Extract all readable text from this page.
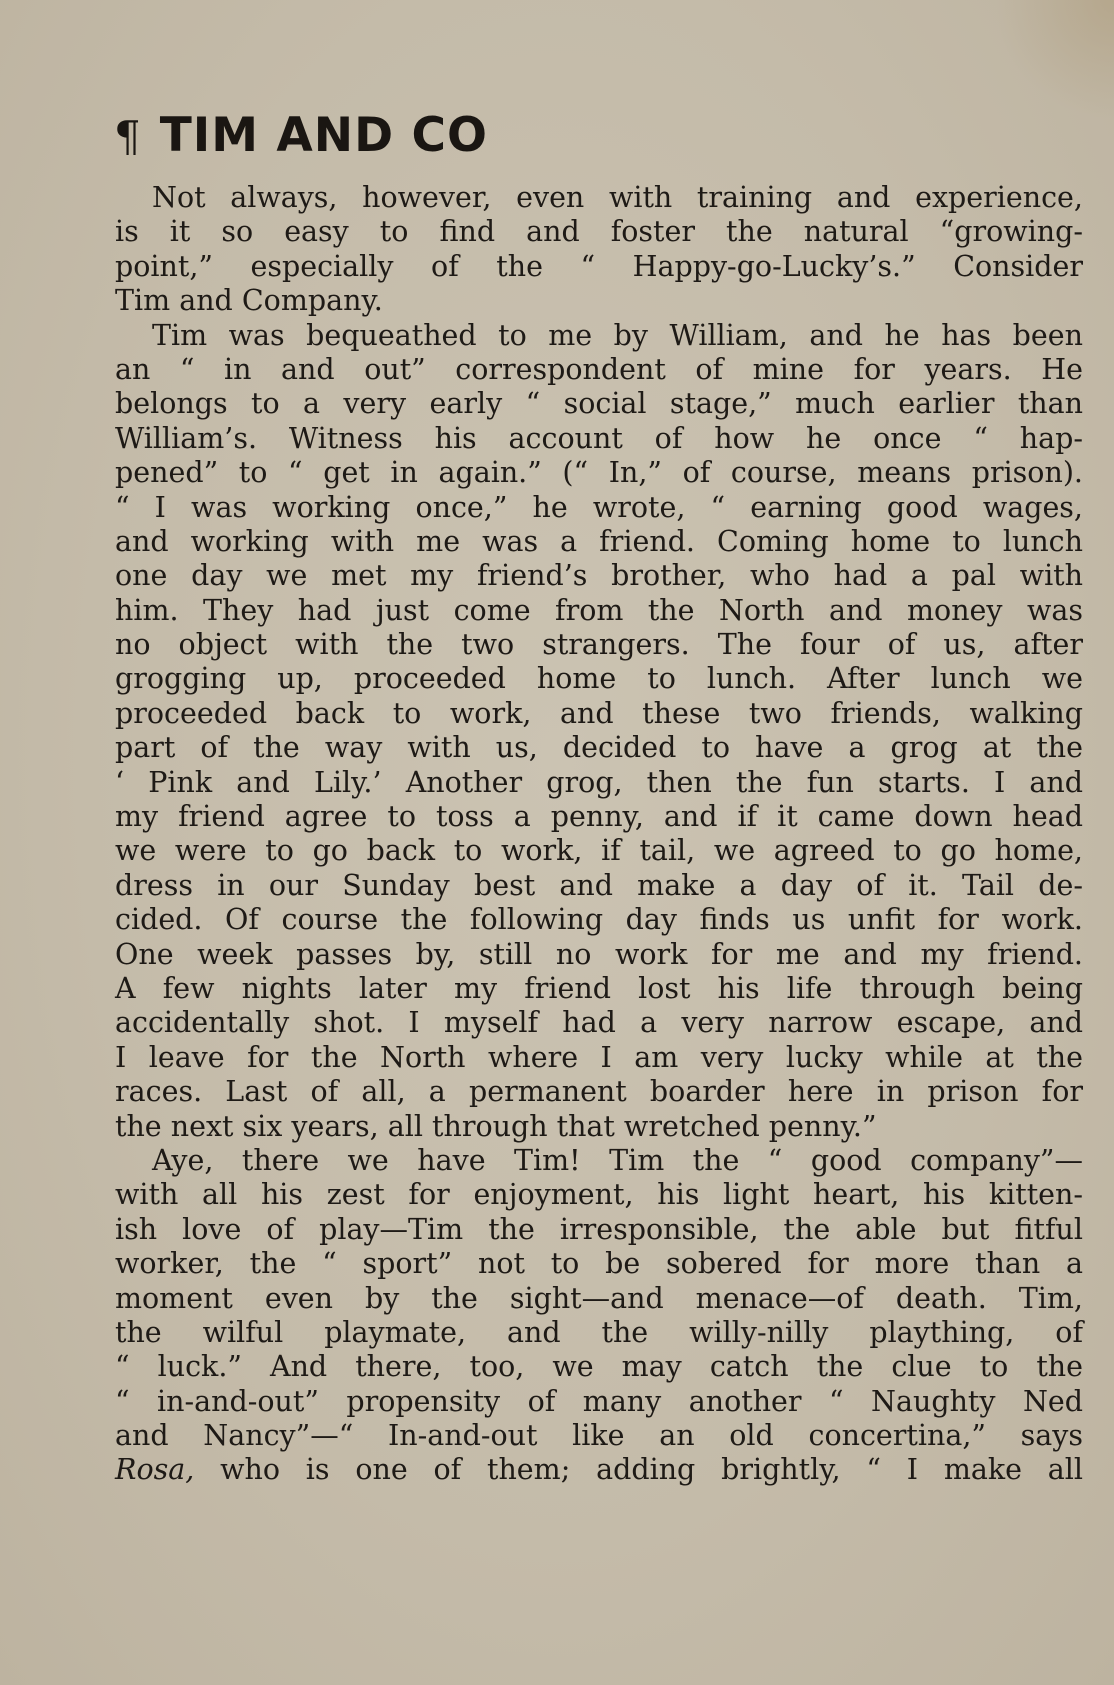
¶ TIM AND CO
Not always, however, even with training and experience,
is it so easy to find and foster the natural “growing-
point,” especially of the “ Happy-go-Lucky’s.” Consider
Tim and Company.
Tim was bequeathed to me by William, and he has been
an “ in and out” correspondent of mine for years. He
belongs to a very early “ social stage,” much earlier than
William’s. Witness his account of how he once “ hap-
pened” to “ get in again.” (“ In,” of course, means prison).
“ I was working once,” he wrote, “ earning good wages,
and working with me was a friend. Coming home to lunch
one day we met my friend’s brother, who had a pal with
him. They had just come from the North and money was
no object with the two strangers. The four of us, after
grogging up, proceeded home to lunch. After lunch we
proceeded back to work, and these two friends, walking
part of the way with us, decided to have a grog at the
‘ Pink and Lily.’ Another grog, then the fun starts. I and
my friend agree to toss a penny, and if it came down head
we were to go back to work, if tail, we agreed to go home,
dress in our Sunday best and make a day of it. Tail de-
cided. Of course the following day finds us unfit for work.
One week passes by, still no work for me and my friend.
A few nights later my friend lost his life through being
accidentally shot. I myself had a very narrow escape, and
I leave for the North where I am very lucky while at the
races. Last of all, a permanent boarder here in prison for
the next six years, all through that wretched penny.”
Aye, there we have Tim! Tim the “ good company”—
with all his zest for enjoyment, his light heart, his kitten-
ish love of play—Tim the irresponsible, the able but fitful
worker, the “ sport” not to be sobered for more than a
moment even by the sight—and menace—of death. Tim,
the wilful playmate, and the willy-nilly plaything, of
“ luck.” And there, too, we may catch the clue to the
“ in-and-out” propensity of many another “ Naughty Ned
and Nancy”—“ In-and-out like an old concertina,” says
Rosa, who is one of them; adding brightly, “ I make all
